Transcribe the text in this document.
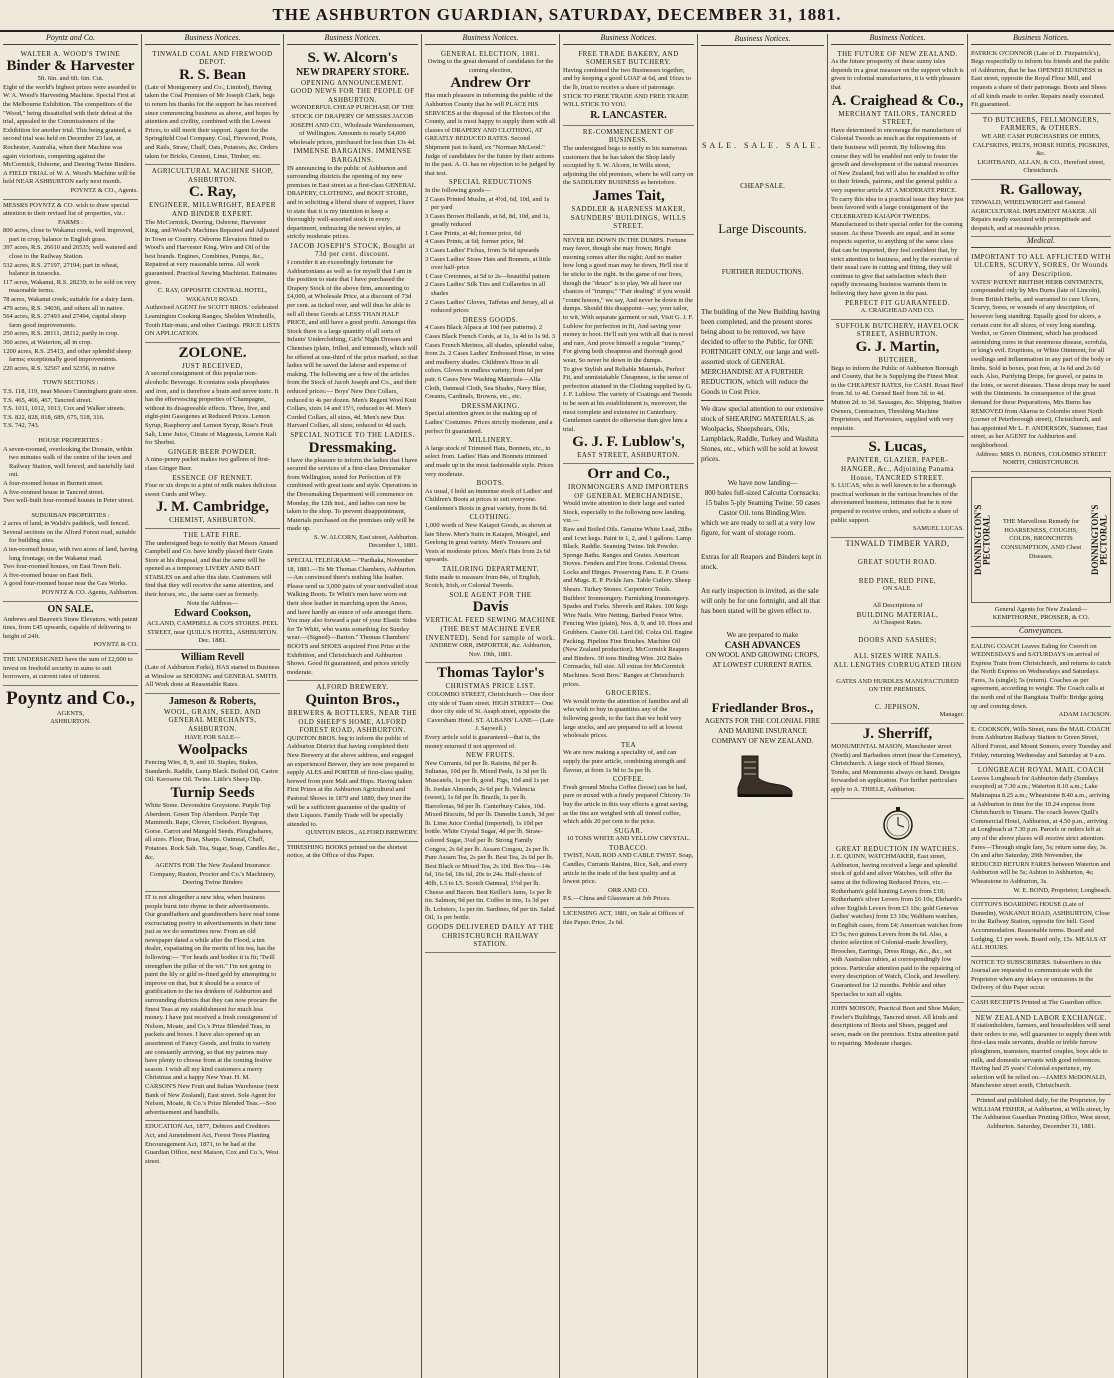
THE ASHBURTON GUARDIAN, SATURDAY, DECEMBER 31, 1881.
Poyntz and Co.

WALTER A. WOOD'S TWINE

Binder & Harvester

5ft. 6in. and 6ft. 6in. Cut.

Eight of the world's highest prizes were awarded to W. A. Wood's Harvesting Machine. Special First at the Melbourne Exhibition. The competitors of the "Wood," being dissatisfied with their defeat at the trial, appealed to the Commissioners of the Exhibition for another trial. This being granted, a second trial was held on December 23 last, at Rochester, Australia, when their Machine was again victorious, competing against the McCormick, Osborne, and Deering Twine Binders.

A FIELD TRIAL of W. A. Wood's Machine will be held NEAR ASHBURTON early next month.

POYNTZ & CO., Agents.

MESSRS POYNTZ & CO. wish to draw special attention to their revised list of properties, viz.:

FARMS :

800 acres, close to Wakanui creek, well improved, part in crop, balance in English grass.

397 acres, R.S. 26610 and 26535; well watered and close to the Railway Station.

532 acres, R.S. 27197, 27194; part in wheat, balance in tussocks.

117 acres, Wakanui, R.S. 28239; to be sold on very reasonable terms.

78 acres, Wakanui creek; suitable for a dairy farm.

479 acres, R.S. 34036, and others all in native.

564 acres, R.S. 27493 and 27494, capital sheep farm good improvements.

250 acres, R.S. 28111, 28112, partly in crop.

360 acres, at Waterton, all in crop.

1200 acres, R.S. 25413, and other splendid sheep farms; exceptionally good improvements.

220 acres, R.S. 32567 and 32356, in native

TOWN SECTIONS :

T.S. 118, 119, near Messrs Cunningham grain store.

T.S. 465, 466, 467, Tancred street.

T.S. 1011, 1012, 1013, Cox and Walker streets.

T.S. 822, 828, 818, 689, 675, 518, 316.

T.S. 742, 743.

HOUSE PROPERTIES :

A seven-roomed, overlooking the Domain, within two minutes walk of the centre of the town and Railway Station, well fenced, and tastefully laid out.

A four-roomed house in Burnett street.

A five-roomed house in Tancred street.

Two well-built four-roomed houses in Peter street.

SUBURBAN PROPERTIES :

2 acres of land, in Walsh's paddock, well fenced.

Several sections on the Alford Forest road, suitable for building sites.

A ten-roomed house, with two acres of land, having long frontage, on the Wakanui road.

Two four-roomed houses, on East Town Belt.

A five-roomed house on East Belt.

A good four-roomed house near the Gas Works.

POYNTZ & CO. Agents, Ashburton.

ON SALE.

Andrews and Beaven's Straw Elevators, with patent tines, from £45 upwards, capable of delivering to height of 24ft.

POYNTZ & CO.

THE UNDERSIGNED have the sum of £2,000 to invest on freehold security in sums to suit borrowers, at current rates of interest.

Poyntz and Co.,

AGENTS,

ASHBURTON.

Business Notices.

TINWALD COAL AND FIREWOOD DEPOT.

R. S. Bean

(Late of Montgomery and Co., Limited), Having taken the Coal Premises of Mr Joseph Clark, begs to return his thanks for the support he has received since commencing business as above, and hopes by attention and civility, combined with the Lowest Prices, to still merit their support. Agent for the Springfield Coal Company. Coal, Firewood, Posts, and Rails, Straw, Chaff, Oats, Potatoes, &c. Orders taken for Bricks, Cement, Lime, Timber, etc.

AGRICULTURAL MACHINE SHOP, ASHBURTON.

C. Ray,

ENGINEER, MILLWRIGHT, REAPER AND BINDER EXPERT.

The McCormick, Deering, Osborne, Harvester King, and Wood's Machines Repaired and Adjusted in Town or Country. Osborne Elevators fitted to Wood's and Harvester King. Wire and Oil of the best brands. Engines, Combines, Pumps, &c., Repaired at very reasonable terms. All work guaranteed. Practical Sewing Machinist. Estimates given.

C. RAY, OPPOSITE CENTRAL HOTEL, WAKANUI ROAD.

Authorised AGENT for SCOTT BROS.' celebrated Leamington Cooking Ranges, Shelden Windmills, Tooth Hair-mats, and other Castings. PRICE LISTS ON APPLICATION.

ZOLONE.

JUST RECEIVED,

A second consignment of this popular non-alcoholic Beverage. It contains soda phosphates and iron, and is therefore a brain and nerve tonic. It has the effervescing properties of Champagne, without its disagreeable effects. Three, five, and eight-pint Gasogenes at Reduced Prices. Lemon Syrup, Raspberry and Lemon Syrup, Rose's Fruit Salt, Lime Juice, Citrate of Magnesia, Lemon Kali for Sherbet.

GINGER BEER POWDER.

A nine-penny packet makes two gallons of first-class Ginger Beer.

ESSENCE OF RENNET.

Four or six drops to a pint of milk makes delicious sweet Curds and Whey.

J. M. Cambridge,

CHEMIST, ASHBURTON.

THE LATE FIRE.

The undersigned begs to notify that Messrs Amand Campbell and Co. have kindly placed their Grain Store at his disposal, and that the same will be opened as a temporary LIVERY AND BAIT STABLES on and after this date. Customers will find that they will receive the same attention, and their horses, etc., the same care as formerly.

Note the Address—

Edward Cookson,

ACLAND, CAMPBELL & CO'S STORES. PEEL STREET, near QUILL'S HOTEL, ASHBURTON. Dec. 1881.

William Revell

(Late of Ashburton Forks), HAS started in Business at Winslow as SHOEING and GENERAL SMITH. All Work done at Reasonable Rates.

Jameson & Roberts,

WOOL, GRAIN, SEED, AND GENERAL MERCHANTS, ASHBURTON.

HAVE FOR SALE—

Woolpacks

Fencing Wire, 8, 9, and 10. Staples, Stakes, Standards. Raddle, Lamp Black. Boiled Oil, Castor Oil. Kerosene Oil. Twine. Little's Sheep Dip.

Turnip Seeds

White Stone. Devonshire Greystone. Purple Top Aberdeen. Green Top Aberdeen. Purple Top Mammoth. Rape, Clover, Cocksfoot. Ryegrass, Gorse. Carrot and Mangold Seeds. Ploughshares, all sizes. Flour, Bran, Sharps. Oatmeal, Chaff, Potatoes. Rock Salt. Tea, Sugar, Soap, Candles &c., &c.

AGENTS FOR The New Zealand Insurance Company, Ruston, Proctor and Co.'s Machinery, Deering Twine Binders

IT is not altogether a new idea, when business people burst into rhyme in their advertisements. Our grandfathers and grandmothers have read some excruciating poetry in advertisements in their time just as we do sometimes now. From an old newspaper dated a while after the Flood, a ten dealer, expatiating on the merits of his tea, has the following:— "For heads and bodies it is fit; 'Twill strengthen the pillar of the wit." I'm not going to paint the lily or gild re-fined gold by attempting to improve on that, but it should be a source of gratification to the tea drinkers of Ashburton and surrounding districts that they can now procure the finest Teas at my establishment for much less money. I have just received a fresh consignment of Nelson, Moate, and Co.'s Prize Blended Teas, in packets and boxes. I have also opened up an assortment of Fancy Goods, and fruits in variety are constantly arriving, so that my patrons may have plenty to choose from at the coming festive season. I wish all my kind customers a merry Christmas and a happy New Year. H. M. CARSON'S New Fruit and Italian Warehouse (next Bank of New Zealand), East street. Sole Agent for Nelson, Moate, & Co.'s Prize Blended Teas.—Soo advertisement and handbills.

EDUCATION Act, 1877, Debtors and Creditors Act, and Amendment Act, Forest Trees Planting Encouragement Act, 1871, to be had at the Guardian Office, next Maison, Cox and Co.'s, West street.

Business Notices.

S. W. Alcorn's

NEW DRAPERY STORE.

OPENING ANNOUNCEMENT.

GOOD NEWS FOR THE PEOPLE OF ASHBURTON.

WONDERFUL CHEAP PURCHASE OF THE STOCK OF DRAPERY OF MESSRS JACOB JOSEPH AND CO., Wholesale Warehousemen, of Wellington. Amounts to nearly £4,000 wholesale prices, purchased for less than 13s 4d.

IMMENSE BARGAINS. IMMENSE BARGAINS.

IN announcing to the public of Ashburton and surrounding districts the opening of my new premises in East street as a first-class GENERAL DRAPERY, CLOTHING, and BOOT STORE, and in soliciting a liberal share of support, I have to state that it is my intention to keep a thoroughly well-assorted stock in every department, embracing the newest styles, at strictly moderate prices.

JACOB JOSEPH'S STOCK, Bought at 73d per cent. discount.

I consider it an exceedingly fortunate for Ashburtonians as well as for myself that I am in the position to state that I have purchased the Drapery Stock of the above firm, amounting to £4,000, at Wholesale Price, at a discount of 73d per cent. as ticked over, and will thus be able to sell all these Goods at LESS THAN HALF PRICE, and still have a good profit. Amongst this Stock there is a large quantity of all sorts of Infants' Underclothing, Girls' Night Dresses and Chemises (plain, frilled, and trimmed), which will be offered at one-third of the price marked, so that ladies will be saved the labour and expense of making. The following are a few of the articles from the Stock of Jacob Joseph and Co., and their reduced prices:— Boys' New Dux Collars, reduced to 4s per dozen. Men's Regent Wool Knit Collars, sizes 14 and 15½, reduced to 4d. Men's Corded Collars, all sizes, 4d. Men's new Dux Harvard Collars, all sizes, reduced to 4d each.

SPECIAL NOTICE TO THE LADIES.

Dressmaking.

I have the pleasure to inform the ladies that I have secured the services of a first-class Dressmaker from Wellington, noted for Perfection of Fit combined with great taste and style. Operations in the Dressmaking Department will commence on Monday, the 12th inst., and ladies can now be taken to the shop. To prevent disappointment, Materials purchased on the premises only will be made up.

S. W. ALCORN, East street, Ashburton. December 1, 1881.

SPECIAL TELEGRAM.—"Parihaka, November 18, 1881.—To Mr Thomas Chambers, Ashburton.—Am convinced there's nothing like leather. Please send us 3,000 pairs of your unrivalled stout Walking Boots. Te Whiti's men have worn out their shoe leather in marching upon the Amos, and have hardly an ounce of sole amongst them. You may also forward a pair of your Elastic Sides for Te Whiti, who wants something for Sunday wear.—(Signed)—Barton." Thomas Chambers' BOOTS and SHOES acquired First Prize at the Exhibition, and Christchurch and Ashburton Shows. Good fit guaranteed, and prices strictly moderate.

ALFORD BREWERY.

Quinton Bros.,

BREWERS & BOTTLERS, NEAR THE OLD SHEEP'S HOME, ALFORD FOREST ROAD, ASHBURTON.

QUINTON BROS. beg to inform the public of Ashburton District that having completed their New Brewery at the above address, and engaged an experienced Brewer, they are now prepared to supply ALES and PORTER of first-class quality, brewed from pure Malt and Hops. Having taken First Prizes at the Ashburton Agricultural and Pastoral Shows in 1879 and 1880, they trust the will be a sufficient guarantee of the quality of their Liquors. Family Trade will be specially attended to.

QUINTON BROS., ALFORD BREWERY.

THRESHING BOOKS printed on the shortest notice, at the Office of this Paper.

Business Notices.

GENERAL ELECTION, 1881.

Owing to the great demand of candidates for the coming election,

Andrew Orr

Has much pleasure in informing the public of the Ashburton County that he will PLACE HIS SERVICES at the disposal of the Electors of the County, and is most happy to supply them with all classes of DRAPERY AND CLOTHING, AT GREATLY REDUCED RATES. Second Shipment just to hand, ex "Norman McLeod." Judge of candidates for the future by their actions in the past. A. O. has no objection to be judged by that test.

SPECIAL REDUCTIONS

In the following goods—

2 Cases Printed Muslin, at 4½d, 6d, 10d, and 1s per yard

3 Cases Brown Hollands, at 6d, 8d, 10d, and 1s, greatly reduced

1 Case Prints, at 4d; former price, 6d

4 Cases Prints, at 6d; former price, 9d

3 Cases Ladies' Fichus, from 3s 6d upwards

3 Cases Ladies' Straw Hats and Bonnets, at little over half-price

1 Case Cretonnes, at 5d to 2s—beautiful pattern

2 Cases Ladies' Silk Ties and Collarettes in all shades

2 Cases Ladies' Gloves, Taffetas and Jersey, all at reduced prices

DRESS GOODS.

4 Cases Black Alpaca at 10d (see patterns). 2 Cases Black French Cords, at 1s, 1s 4d to 1s 9d. 3 Cases French Merinos, all shades, splendid value, from 2s. 2 Cases Ladies' Embossed Hose, in wine and mulberry shades. Children's Hose in all colors. Gloves in endless variety, from 6d per pair. 6 Cases New Washing Materials—Alfa Cloth, Oatmeal Cloth, Sea Shades, Navy Blue, Creams, Cardinals, Browns, etc., etc.

DRESSMAKING.

Special attention given to the making up of Ladies' Costumes. Prices strictly moderate, and a perfect fit guaranteed.

MILLINERY.

A large stock of Trimmed Hats, Bonnets, etc., to select from. Ladies' Hats and Bonnets trimmed and made up in the most fashionable style. Prices very moderate.

BOOTS.

As usual, I hold an immense stock of Ladies' and Children's Boots at prices to suit everyone. Gentlemen's Boots in great variety, from 8s 6d.

CLOTHING.

1,000 worth of New Kaiapoi Goods, as shown at late Show. Men's Suits in Kaiapoi, Mosgiel, and Geelong in great variety. Men's Trousers and Vests at moderate prices. Men's Hats from 2s 6d upwards.

TAILORING DEPARTMENT.

Suits made to measure from 84s, of English, Scotch, Irish, or Colonial Tweeds.

SOLE AGENT FOR THE

Davis

VERTICAL FEED SEWING MACHINE (THE BEST MACHINE EVER INVENTED). Send for sample of work.

ANDREW ORR, IMPORTER, &c. Ashburton, Nov. 19th, 1881.

Thomas Taylor's

CHRISTMAS PRICE LIST.

COLOMBO STREET, Christchurch— One door city side of Tuam street. HIGH STREET— One door city side of St. Asaph street, opposite the Caversham Hotel. ST. ALBANS' LANE— (Late J. Saywell.)

Every article sold is guaranteed—that is, the money returned if not approved of.

NEW FRUITS.

New Currants, 6d per lb. Raisins, 8d per lb. Sultanas, 10d per lb. Mixed Peels, 1s 3d per lb. Muscatels, 1s per lb, good. Figs, 10d and 1s per lb. Jordan Almonds, 2s 6d per lb. Valencia (sweet), 1s 6d per lb. Brazils, 1s per lb. Barcelonas, 9d per lb. Canterbury Cakes, 10d. Mixed Biscuits, 9d per lb. Dunedin Lunch, 3d per lb. Lime Juice Cordial (imported), 1s 10d per bottle. White Crystal Sugar, 4d per lb. Straw-colored Sugar, 3¼d per lb. Strong Family Congou, 2s 6d per lb. Assam Congou, 2s per lb. Pure Assam Tea, 2s per lb. Best Tea, 2s 6d per lb. Best Black or Mixed Tea, 2s 10d. Box Tea—14s 6d, 16s 6d, 18s 6d, 20s to 24s. Half-chests of 40lb, L3 to L5. Scotch Oatmeal, 1½d per lb. Cheese and Bacon. Best Keiller's Jams, 1s per lb tin. Salmon, 9d per tin. Coffee in tins, 1s 3d per lb. Lobsters, 1s per tin. Sardines, 6d per tin. Salad Oil, 1s per bottle.

GOODS DELIVERED DAILY AT THE CHRISTCHURCH RAILWAY STATION.

Business Notices.

FREE TRADE BAKERY, AND SOMERSET BUTCHERY.

Having combined the two Businesses together, and by keeping a good LOAF at 6d, and 16ozs to the lb, trust to receive a share of patronage. STICK TO FREE TRADE AND FREE TRADE WILL STICK TO YOU.

R. LANCASTER.

RE-COMMENCEMENT OF BUSINESS.

The undersigned begs to notify to his numerous customers that he has taken the Shop lately occupied by S. W. Alcorn, in Wills street, adjoining the old premises, where he will carry on the SADDLERY BUSINESS as heretofore.

James Tait,

SADDLER & HARNESS MAKER, SAUNDERS' BUILDINGS, WILLS STREET.

NEVER BE DOWN IN THE DUMPS. Fortune may favor, though she may frown; Bright morning comes after the night; And no matter how long a good man may be down, He'll rise if he sticks to the right. In the game of our lives, though the "deuce" is to play, We all have our chances of "trumps;" "Fair dealing" if you would "count honors," we say, And never be down in the dumps. Should this disappoint—say, your tailor, to wit, With separate garment or suit, Visit G. J. F. Lublow for perfection in fit, And saving your money to boot. He'll suit you with all that is novel and rare, And prove himself a regular "trump," For giving both cheapness and thorough good wear, So never be down in the dumps.

To give Stylish and Reliable Materials, Perfect Fit, and unmistakable Cheapness, is the sense of perfection attained in the Clothing supplied by G. J. F. Lublow. The variety of Coatings and Tweeds to be seen at his establishment is, moreover, the most complete and extensive in Canterbury. Gentlemen cannot do otherwise than give him a trial.

G. J. F. Lublow's,

EAST STREET, ASHBURTON.

Orr and Co.,

IRONMONGERS AND IMPORTERS OF GENERAL MERCHANDISE,

Would invite attention to their large and varied Stock, especially to the following now landing, viz.—

Raw and Boiled Oils. Genuine White Lead, 28lbs and 1cwt kegs. Paint in 1, 2, and 1 gallons. Lamp Black. Raddle. Seaming Twine. Ink Powder. Sponge Baths. Ranges and Grates. American Stoves. Fenders and Fire Irons. Colonial Ovens. Locks and Hinges. Preserving Pans. E. P. Cruets and Mugs. E. P. Pickle Jars. Table Cutlery. Sheep Shears. Turkey Stones. Carpenters' Tools. Builders' Ironmongery. Furnishing Ironmongery. Spades and Forks. Shovels and Rakes. 100 kegs Wire Nails. Wire Netting. Barbed Fence Wire. Fencing Wire (plain), Nos. 8, 9, and 10. Hoes and Grubbers. Castor Oil. Lard Oil. Colza Oil. Engine Packing. Pipeline Fine Brushes. Machine Oil (New Zealand production). McCormick Reapers and Binders. 30 tons Binding Wire. 202 Bales Cornsacks, full size. All extras for McCormick Machines. Scott Bros.' Ranges at Christchurch prices.

GROCERIES.

We would invite the attention of families and all who wish to buy in quantities any of the following goods, to the fact that we hold very large stocks, and are prepared to sell at lowest wholesale prices.

TEA

We are now making a speciality of, and can supply the pure article, combining strength and flavour, at from 1s 9d to 3s per lb.

COFFEE.

Fresh ground Mocha Coffee (loose) can be had, pure or mixed with a finely prepared Chicory. To buy the article in this way effects a great saving, as the tins are weighed with all tinned coffee, which adds 20 per cent to the price.

SUGAR.

10 TONS WHITE AND YELLOW CRYSTAL.

TOBACCO.

TWIST, NAIL ROD AND CABLE TWIST. Soap, Candles, Currants Raisins, Rice, Salt, and every article in the trade of the best quality and at lowest price.

ORR AND CO.

P.S.—China and Glassware at Job Prices.

LICENSING ACT, 1881, on Sale at Offices of this Paper. Price, 2s 6d.

Business Notices.

SALE. SALE. SALE.

CHEAP SALE.

Large Discounts.

FURTHER REDUCTIONS.

The building of the New Building having been completed, and the present stores being about to be removed, we have decided to offer to the Public, for ONE FORTNIGHT ONLY, our large and well-assorted stock of GENERAL MERCHANDISE AT A FURTHER REDUCTION, which will reduce the Goods to Cost Price.

We draw special attention to our extensive stock of SHEARING MATERIALS, as Woolpacks, Sheepshears, Oils, Lampblack, Raddle, Turkey and Washita Stones, etc., which will be sold at lowest prices.

We have now landing—

800 bales full-sized Calcutta Cornsacks. 15 bales 5-ply Seaming Twine. 50 cases Castor Oil. tons Binding Wire.

which we are ready to sell at a very low figure, for want of storage room.

Extras for all Reapers and Binders kept in stock.

An early inspection is invited, as the sale will only be for one fortnight, and all that has been stated will be given effect to.

We are prepared to make

CASH ADVANCES

ON WOOL AND GROWING CROPS, AT LOWEST CURRENT RATES.

Friedlander Bros.,

AGENTS FOR THE COLONIAL FIRE AND MARINE INSURANCE COMPANY OF NEW ZEALAND.

Business Notices.

THE FUTURE OF NEW ZEALAND.

As the future prosperity of these sunny isles depends in a great measure on the support which is given to colonial manufactures, it is with pleasure that

A. Craighead & Co.,

MERCHANT TAILORS, TANCRED STREET,

Have determined to encourage the manufacture of Colonial Tweeds as much as the requirements of their business will permit. By following this course they will be enabled not only to foster the growth and development of the natural resources of New Zealand, but will also be enabled to offer to their friends, patrons, and the general public a very superior article AT A MODERATE PRICE. To carry this idea to a practical issue they have just been favored with a large consignment of the CELEBRATED KAIAPOI TWEEDS. Manufactured to their special order for the coming season. As these Tweeds are equal, and in some respects superior, to anything of the same class that can be imported, they feel confident that, by strict attention to business, and by the exercise of their usual care in cutting and fitting, they will continue to give that satisfaction which their rapidly increasing business warrants them in believing they have given in the past.

PERFECT FIT GUARANTEED.

A. CRAIGHEAD AND CO.

SUFFOLK BUTCHERY, HAVELOCK STREET, ASHBURTON.

G. J. Martin,

BUTCHER,

Begs to inform the Public of Ashburton Borough and County, that he is Supplying the Finest Meat in the CHEAPEST RATES, for CASH. Roast Beef from 3d. to 4d. Corned Beef from 3d. to 4d. Mutton 2d. to 3d. Sausages, &c. Shipping, Station Owners, Contractors, Threshing Machine Proprietors, and Harvesters, supplied with very requisite.

S. Lucas,

PAINTER, GLAZIER, PAPER-HANGER, &c., Adjoining Panama House, TANCRED STREET.

S. LUCAS, who is well known to be a thorough practical workman in the various branches of the abovenamed business, intimates that he is now prepared to receive orders, and solicits a share of public support.

SAMUEL LUCAS.

TINWALD TIMBER YARD,

GREAT SOUTH ROAD.

RED PINE, RED PINE,

ON SALE.

All Descriptions of

BUILDING MATERIAL,

At Cheapest Rates.

DOORS AND SASHES;

ALL SIZES WIRE NAILS.

ALL LENGTHS CORRUGATED IRON

GATES AND HURDLES MANUFACTURED ON THE PREMISES.

C. JEPHSON,

Manager.

J. Sherriff,

MONUMENTAL MASON, Manchester street (North) and Barbadoes street (near the Cemetery), Christchurch. A large stock of Head Stones, Tombs, and Monuments always on hand. Designs forwarded on application. For further particulars apply to A. THIELE, Ashburton.

GREAT REDUCTION IN WATCHES.

J. E. QUINN, WATCHMAKER, East street, Ashburton, having received a large and splendid stock of gold and silver Watches, will offer the same at the following Reduced Prices, viz.—Rotherham's gold hunting Levers from £18; Rotherham's silver Levers from £6 10s; Ehrhardt's silver English Levers from £3 10s; gold Genevas (ladies' watches) from £3 10s; Waltham watches, in English cases, from £4; American watches from £3 5s; two guinea Levers from 8s 6d. Also, a choice selection of Colonial-made Jewellery, Brooches, Earrings, Dress Rings, &c., &c., set with Australian rubies, at correspondingly low prices. Particular attention paid to the repairing of every description of Watch, Clock, and Jewellery. Guaranteed for 12 months. Pebble and other Spectacles to suit all sights.

JOHN MOISON, Practical Boot and Shoe Maker, Fowler's Buildings, Tancred street. All kinds and descriptions of Boots and Shoes, pegged and sewn, made on the premises. Extra attention paid to repairing. Moderate charges.

Business Notices.

PATRICK O'CONNOR (Late of D. Fitzpatrick's), Begs respectfully to inform his friends and the public of Ashburton, that he has OPENED BUSINESS in East street, opposite the Royal Flour Mill, and requests a share of their patronage. Boots and Shoes of all kinds made to order. Repairs neatly executed. Fit guaranteed.

TO BUTCHERS, FELLMONGERS, FARMERS, & OTHERS.

WE ARE CASH PURCHASERS OF HIDES, CALFSKINS, PELTS, HORSE HIDES, PIGSKINS, &c.

LIGHTBAND, ALLAN, & CO., Hereford street, Christchurch.

R. Galloway,

TINWALD, WHEELWRIGHT and General AGRICULTURAL IMPLEMENT MAKER. All Repairs neatly executed with promptitude and despatch, and at reasonable prices.

Medical.

IMPORTANT TO ALL AFFLICTED WITH ULCERS, SCURVY, SORES, Or Wounds of any Description.

YATES' PATENT BRITISH HERB OINTMENTS, compounded only by Mrs Burns (late of Lincoln), from British Herbs, and warranted to cure Ulcers, Scurvy, Sores, or wounds of any description, of however long standing. Equally good for ulcers, a certain cure for all ulcers, of very long standing. Verdict, or Green Ointment, which has produced astonishing cures in that enormous disease, scrofula, or king's evil. Eruptions, or White Ointment, for all swellings and inflammation in any part of the body or limbs. Sold in boxes, post free, at 1s 6d and 2s 6d each. Also, Purifying Drops, for gravel, or pains in the loins, or secret diseases. These drops may be used with the Ointments. In consequence of the great demand for these Preparations, Mrs Burns has REMOVED from Akaroa to Colombo street North (corner of Peterborough street), Christchurch, and has appointed Mr L. F. ANDERSON, Stationer, East street, as her AGENT for Ashburton and neighborhood.

Address: MRS O. BURNS, COLOMBO STREET NORTH, CHRISTCHURCH.

DONNINGTON'S PECTORAL	THE Marvellous Remedy for HOARSENESS, COUGHS, COLDS, BRONCHITIS CONSUMPTION, AND Chest Diseases.	DONNINGTON'S PECTORAL

General Agents for New Zealand— KEMPTHORNE, PROSSER, & CO.

Conveyances.

EALING COACH Leaves Ealing for Ceeroft on WEDNESDAYS and SATURDAYS on arrival of Express Train from Christchurch, and returns to catch the North Express on Wednesdays and Saturdays. Fares, 3s (single); 5s (return). Coaches as per agreement, according to weight. The Coach calls at the north end of the Rangitata Traffic Bridge going up and coming down.

ADAM JACKSON.

E. COOKSON, Wills Street, runs the MAIL COACH from Ashburton Railway Station to Green Street, Alford Forest, and Mount Somers, every Tuesday and Friday, returning Wednesday and Saturday at 9 a.m.

LONGBEACH ROYAL MAIL COACH

Leaves Longbeach for Ashburton daily (Sundays excepted) at 7.30 a.m.; Waterton 8.10 a.m.; Lake Mahinapua 8.25 a.m.; Wheatstone 8.40 a.m., arriving at Ashburton in time for the 10.24 express from Christchurch to Timaru. The coach leaves Quill's Commercial Hotel, Ashburton, at 4.50 p.m., arriving at Longbeach at 7.30 p.m. Parcels or orders left at any of the above places will receive strict attention. Fares—Through single fare, 5s; return same day, 3s. On and after Saturday, 29th November, the REDUCED RETURN FARES between Waterton and Ashburton will be 5s; Ashton to Ashburton, 4s; Wheatstone to Ashburton, 3s.

W. E. BOND, Proprietor, Longbeach.

COTTON'S BOARDING HOUSE (Late of Dunedin), WAKANUI ROAD, ASHBURTON, Close to the Railway Station, opposite fire bell. Good Accommodation. Reasonable terms. Board and Lodging, £1 per week. Board only, 15s. MEALS AT ALL HOURS.

NOTICE TO SUBSCRIBERS. Subscribers to this Journal are requested to communicate with the Proprietor when any delays or omissions in the Delivery of this Paper occur.

CASH RECEIPTS Printed at The Guardian office.

NEW ZEALAND LABOR EXCHANGE.

If stationholders, farmers, and householders will send their orders to me, will guarantee to supply them with first-class male servants, double or treble furrow ploughmen, teamsters, married couples, boys able to milk, and domestic servants with good references. Having had 25 years' Colonial experience, my selection will be relied on.—JAMES McDONALD, Manchester street south, Christchurch.

Printed and published daily, for the Proprietor, by WILLIAM FISHER, at Ashburton, at Wills street, by The Ashburton Guardian Printing Office, West street, Ashburton. Saturday, December 31, 1881.
